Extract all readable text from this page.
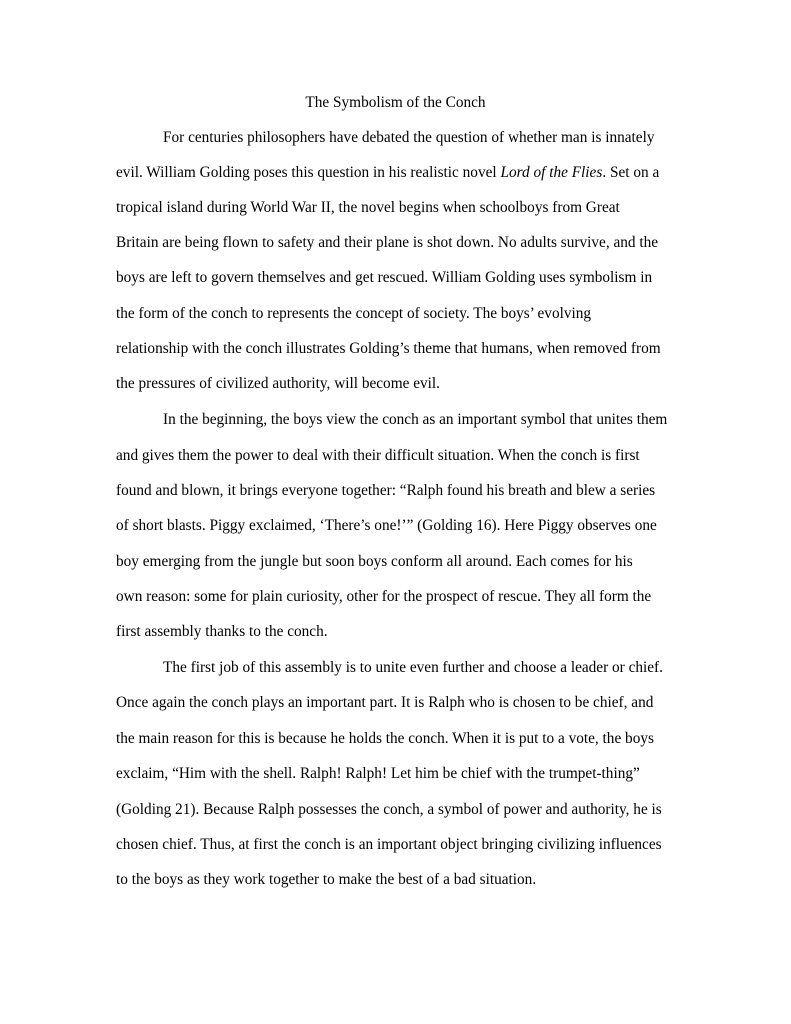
The Symbolism of the Conch

For centuries philosophers have debated the question of whether man is innately

evil. William Golding poses this question in his realistic novel Lord of the Flies. Set on a

tropical island during World War II, the novel begins when schoolboys from Great

Britain are being flown to safety and their plane is shot down. No adults survive, and the

boys are left to govern themselves and get rescued. William Golding uses symbolism in

the form of the conch to represents the concept of society. The boys’ evolving

relationship with the conch illustrates Golding’s theme that humans, when removed from

the pressures of civilized authority, will become evil.

In the beginning, the boys view the conch as an important symbol that unites them

and gives them the power to deal with their difficult situation. When the conch is first

found and blown, it brings everyone together: “Ralph found his breath and blew a series

of short blasts. Piggy exclaimed, ‘There’s one!’” (Golding 16). Here Piggy observes one

boy emerging from the jungle but soon boys conform all around. Each comes for his

own reason: some for plain curiosity, other for the prospect of rescue. They all form the

first assembly thanks to the conch.

The first job of this assembly is to unite even further and choose a leader or chief.

Once again the conch plays an important part. It is Ralph who is chosen to be chief, and

the main reason for this is because he holds the conch. When it is put to a vote, the boys

exclaim, “Him with the shell. Ralph! Ralph! Let him be chief with the trumpet-thing”

(Golding 21). Because Ralph possesses the conch, a symbol of power and authority, he is

chosen chief. Thus, at first the conch is an important object bringing civilizing influences

to the boys as they work together to make the best of a bad situation.
